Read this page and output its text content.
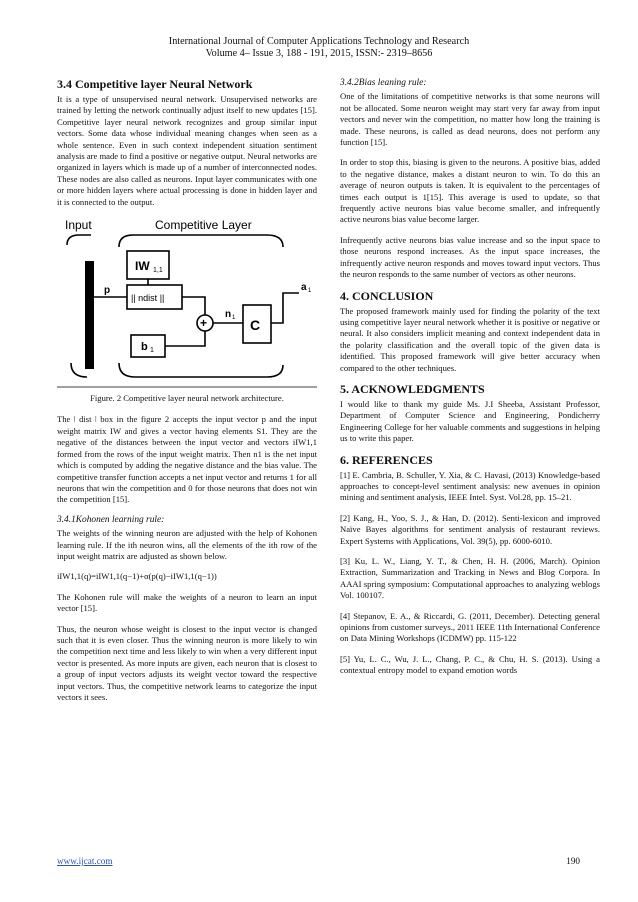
International Journal of Computer Applications Technology and Research
Volume 4– Issue 3, 188 - 191, 2015, ISSN:- 2319–8656
3.4 Competitive layer Neural Network

It is a type of unsupervised neural network. Unsupervised networks are trained by letting the network continually adjust itself to new updates [15]. Competitive layer neural network recognizes and group similar input vectors. Some data whose individual meaning changes when seen as a whole sentence. Even in such context independent situation sentiment analysis are made to find a positive or negative output. Neural networks are organized in layers which is made up of a number of interconnected nodes. These nodes are also called as neurons. Input layer communicates with one or more hidden layers where actual processing is done in hidden layer and it is connected to the output.

Input	Competitive Layer
p
IW 1,1
|| ndist ||
+
b 1
n 1 C
a 1
Figure. 2 Competitive layer neural network architecture.

The ǀ dist ǀ box in the figure 2 accepts the input vector p and the input weight matrix IW and gives a vector having elements S1. They are the negative of the distances between the input vector and vectors iIW1,1 formed from the rows of the input weight matrix. Then n1 is the net input which is computed by adding the negative distance and the bias value. The competitive transfer function accepts a net input vector and returns 1 for all neurons that win the competition and 0 for those neurons that does not win the competition [15].

3.4.1Kohonen learning rule:

The weights of the winning neuron are adjusted with the help of Kohonen learning rule. If the ith neuron wins, all the elements of the ith row of the input weight matrix are adjusted as shown below.

iIW1,1(q)=iIW1,1(q−1)+α(p(q)−iIW1,1(q−1))

The Kohonen rule will make the weights of a neuron to learn an input vector [15].

Thus, the neuron whose weight is closest to the input vector is changed such that it is even closer. Thus the winning neuron is more likely to win the competition next time and less likely to win when a very different input vector is presented. As more inputs are given, each neuron that is closest to a group of input vectors adjusts its weight vector toward the respective input vectors. Thus, the competitive network learns to categorize the input vectors it sees.

3.4.2Bias leaning rule:

One of the limitations of competitive networks is that some neurons will not be allocated. Some neuron weight may start very far away from input vectors and never win the competition, no matter how long the training is made. These neurons, is called as dead neurons, does not perform any function [15].

In order to stop this, biasing is given to the neurons. A positive bias, added to the negative distance, makes a distant neuron to win. To do this an average of neuron outputs is taken. It is equivalent to the percentages of times each output is 1[15]. This average is used to update, so that frequently active neurons bias value become smaller, and infrequently active neurons bias value become larger.

Infrequently active neurons bias value increase and so the input space to those neurons respond increases. As the input space increases, the infrequently active neuron responds and moves toward input vectors. Thus the neuron responds to the same number of vectors as other neurons.

4. CONCLUSION

The proposed framework mainly used for finding the polarity of the text using competitive layer neural network whether it is positive or negative or neural. It also considers implicit meaning and context independent data in the polarity classification and the overall topic of the given data is identified. This proposed framework will give better accuracy when compared to the other techniques.

5. ACKNOWLEDGMENTS

I would like to thank my guide Ms. J.I Sheeba, Assistant Professor, Department of Computer Science and Engineering, Pondicherry Engineering College for her valuable comments and suggestions in helping us to write this paper.

6. REFERENCES
[1] E. Cambria, B. Schuller, Y. Xia, & C. Havasi, (2013) Knowledge-based approaches to concept-level sentiment analysis: new avenues in opinion mining and sentiment analysis, IEEE Intel. Syst. Vol.28, pp. 15–21.
[2] Kang, H., Yoo, S. J., & Han, D. (2012). Senti-lexicon and improved Naïve Bayes algorithms for sentiment analysis of restaurant reviews. Expert Systems with Applications, Vol. 39(5), pp. 6000-6010.
[3] Ku, L. W., Liang, Y. T., & Chen, H. H. (2006, March). Opinion Extraction, Summarization and Tracking in News and Blog Corpora. In AAAI spring symposium: Computational approaches to analyzing weblogs Vol. 100107.
[4] Stepanov, E. A., & Riccardi, G. (2011, December). Detecting general opinions from customer surveys., 2011 IEEE 11th International Conference on Data Mining Workshops (ICDMW) pp. 115-122
[5] Yu, L. C., Wu, J. L., Chang, P. C., & Chu, H. S. (2013). Using a contextual entropy model to expand emotion words
www.ijcat.com	190
